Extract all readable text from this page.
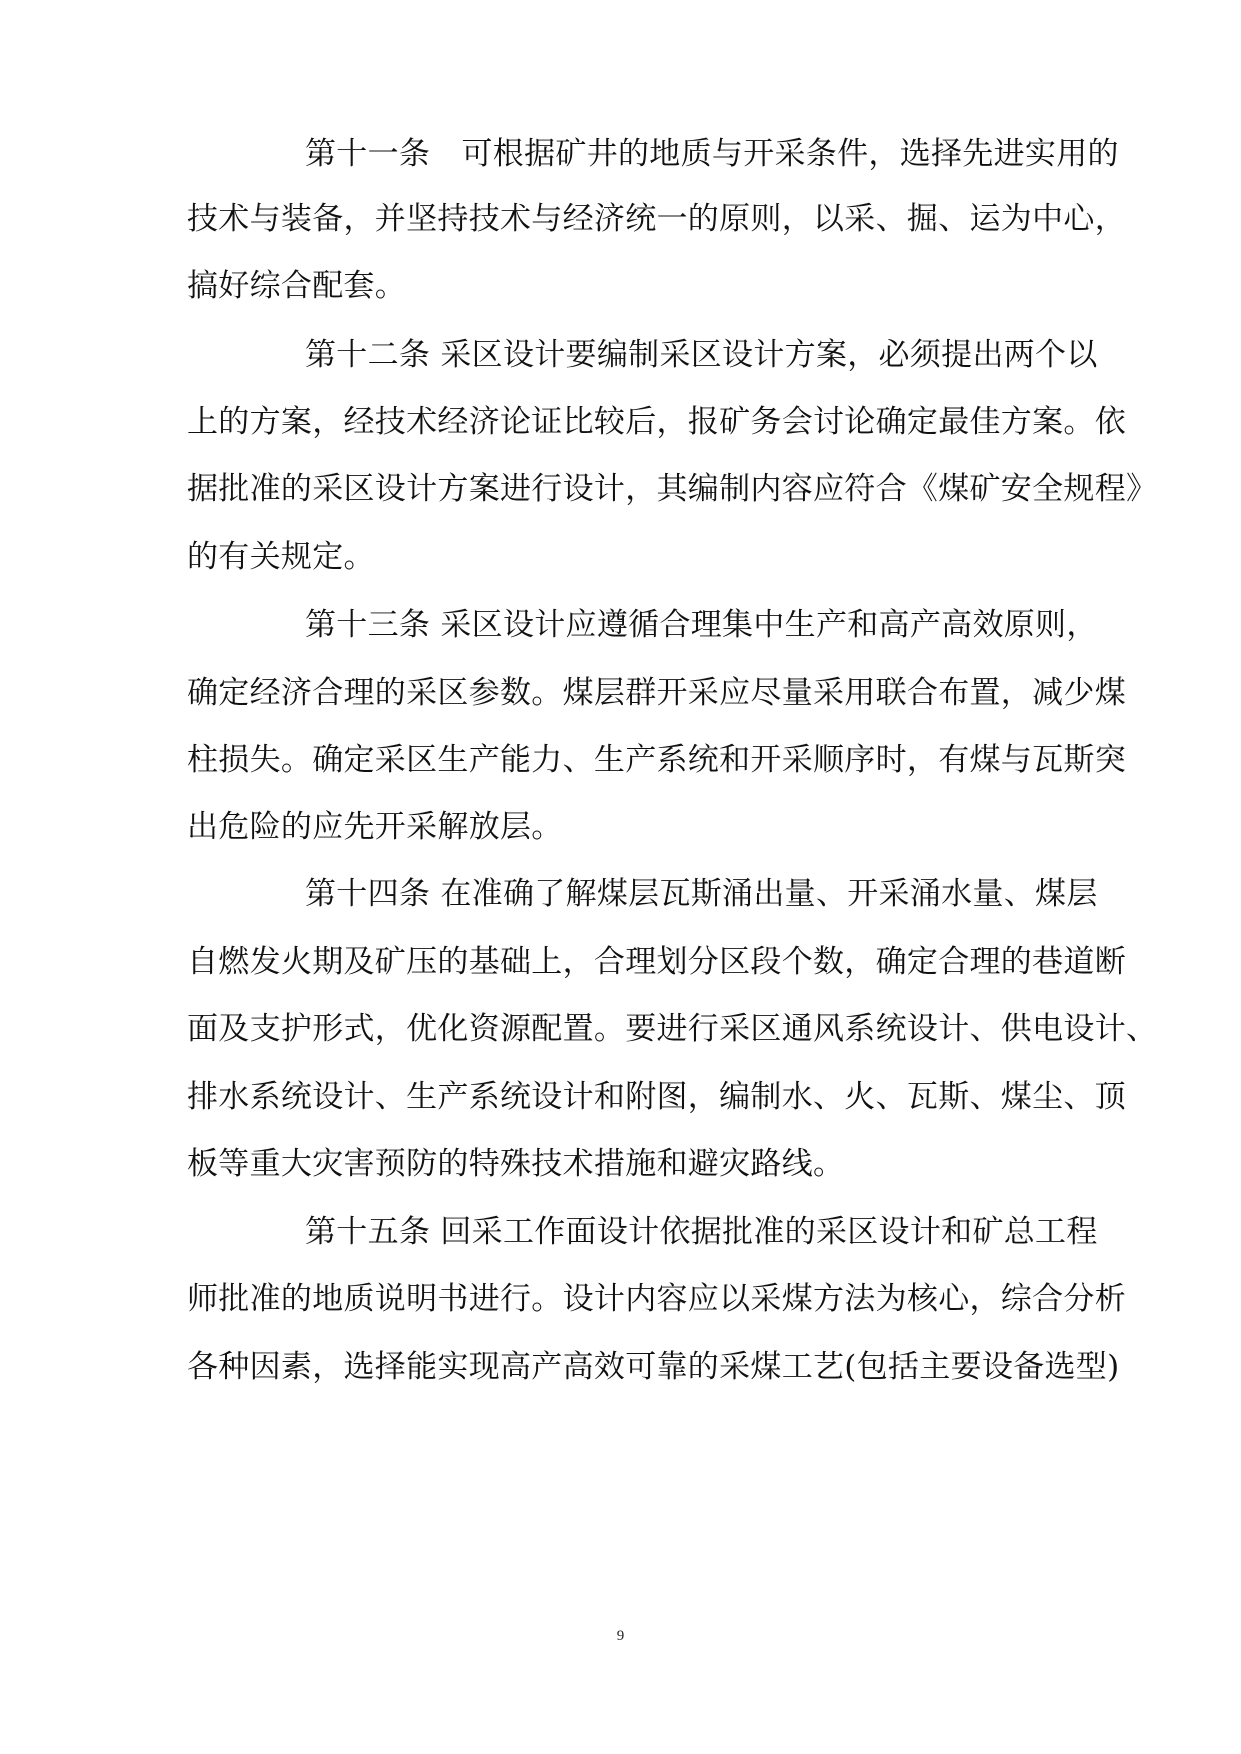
第十一条　可根据矿井的地质与开采条件，选择先进实用的
技术与装备，并坚持技术与经济统一的原则，以采、掘、运为中心，
搞好综合配套。
第十二条 采区设计要编制采区设计方案，必须提出两个以
上的方案，经技术经济论证比较后，报矿务会讨论确定最佳方案。依
据批准的采区设计方案进行设计，其编制内容应符合《煤矿安全规程》
的有关规定。
第十三条 采区设计应遵循合理集中生产和高产高效原则，
确定经济合理的采区参数。煤层群开采应尽量采用联合布置，减少煤
柱损失。确定采区生产能力、生产系统和开采顺序时，有煤与瓦斯突
出危险的应先开采解放层。
第十四条 在准确了解煤层瓦斯涌出量、开采涌水量、煤层
自燃发火期及矿压的基础上，合理划分区段个数，确定合理的巷道断
面及支护形式，优化资源配置。要进行采区通风系统设计、供电设计、
排水系统设计、生产系统设计和附图，编制水、火、瓦斯、煤尘、顶
板等重大灾害预防的特殊技术措施和避灾路线。
第十五条 回采工作面设计依据批准的采区设计和矿总工程
师批准的地质说明书进行。设计内容应以采煤方法为核心，综合分析
各种因素，选择能实现高产高效可靠的采煤工艺(包括主要设备选型)
9
